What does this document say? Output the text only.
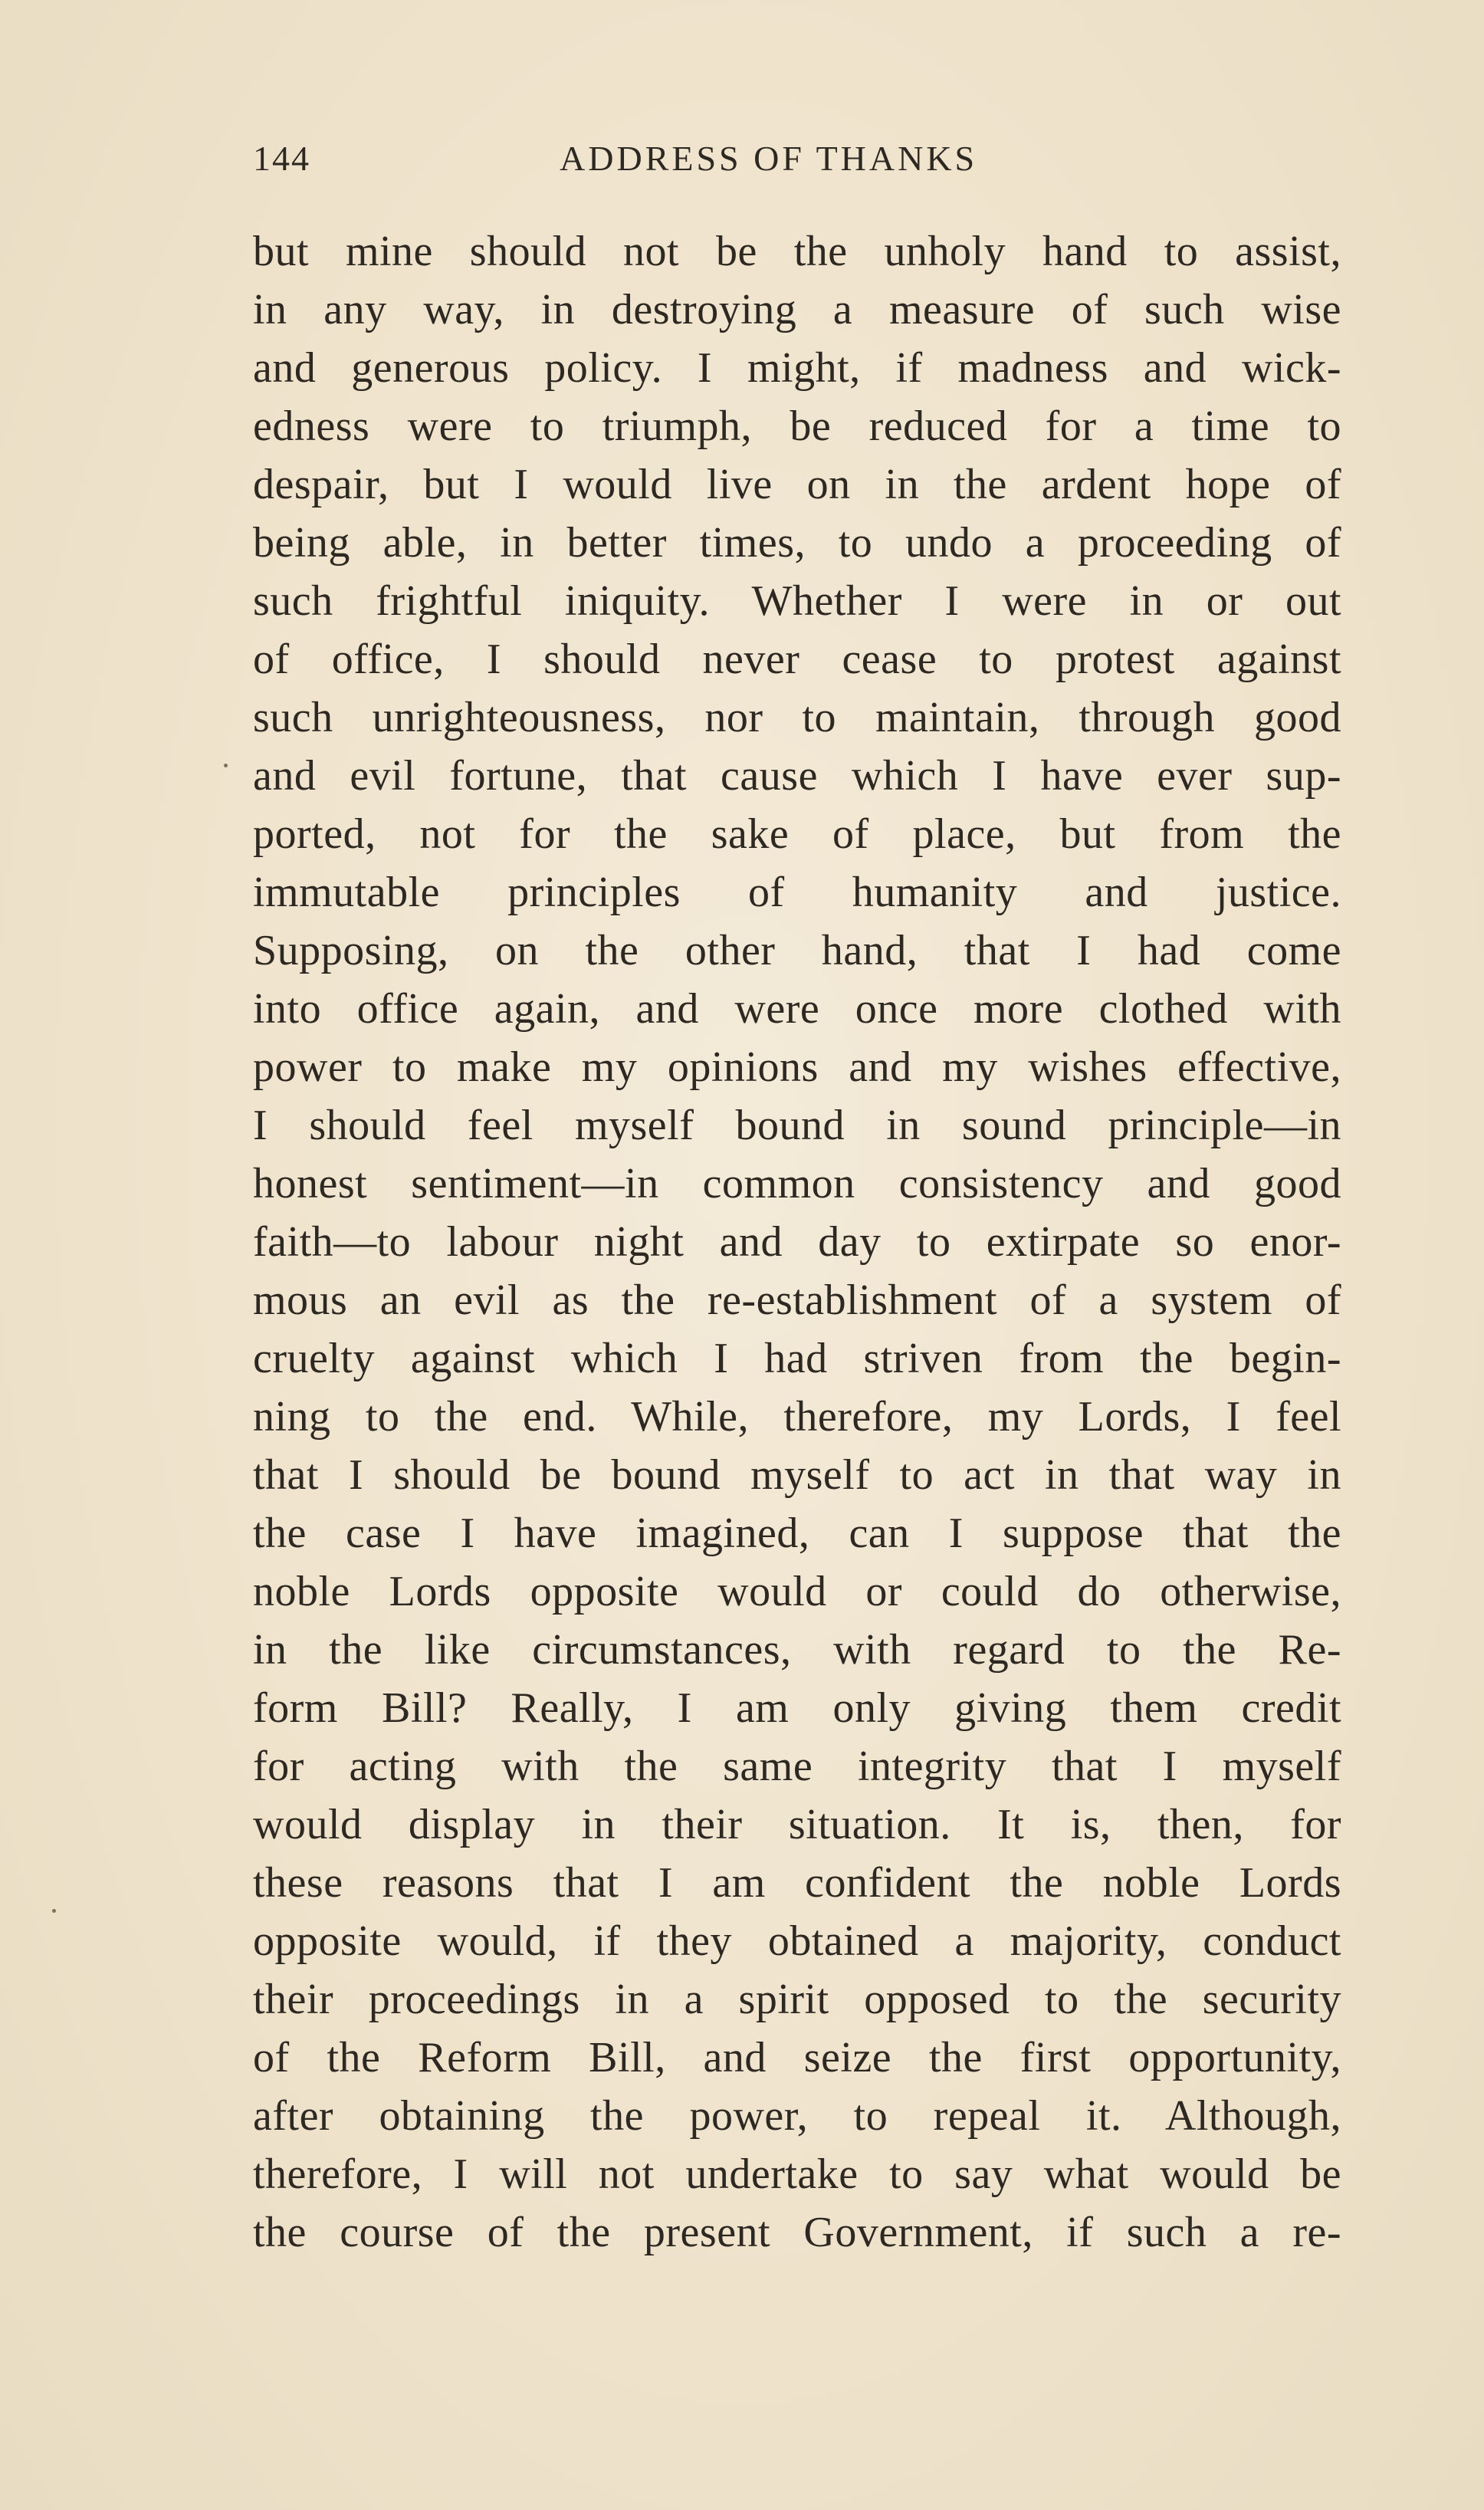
144	ADDRESS OF THANKS
but mine should not be the unholy hand to assist,
in any way, in destroying a measure of such wise
and generous policy. I might, if madness and wick-
edness were to triumph, be reduced for a time to
despair, but I would live on in the ardent hope of
being able, in better times, to undo a proceeding of
such frightful iniquity. Whether I were in or out
of office, I should never cease to protest against
such unrighteousness, nor to maintain, through good
and evil fortune, that cause which I have ever sup-
ported, not for the sake of place, but from the
immutable principles of humanity and justice.
Supposing, on the other hand, that I had come
into office again, and were once more clothed with
power to make my opinions and my wishes effective,
I should feel myself bound in sound principle—in
honest sentiment—in common consistency and good
faith—to labour night and day to extirpate so enor-
mous an evil as the re-establishment of a system of
cruelty against which I had striven from the begin-
ning to the end. While, therefore, my Lords, I feel
that I should be bound myself to act in that way in
the case I have imagined, can I suppose that the
noble Lords opposite would or could do otherwise,
in the like circumstances, with regard to the Re-
form Bill? Really, I am only giving them credit
for acting with the same integrity that I myself
would display in their situation. It is, then, for
these reasons that I am confident the noble Lords
opposite would, if they obtained a majority, conduct
their proceedings in a spirit opposed to the security
of the Reform Bill, and seize the first opportunity,
after obtaining the power, to repeal it. Although,
therefore, I will not undertake to say what would be
the course of the present Government, if such a re-
